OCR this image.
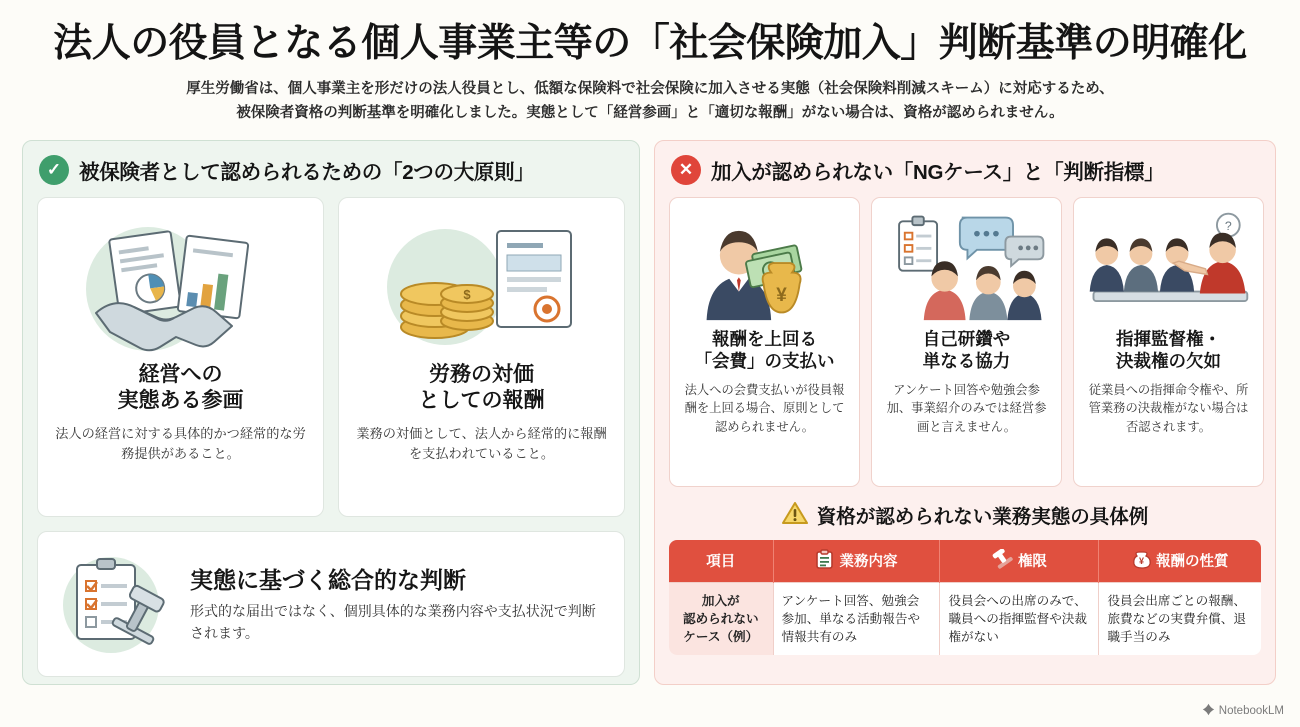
法人の役員となる個人事業主等の「社会保険加入」判断基準の明確化
厚生労働省は、個人事業主を形だけの法人役員とし、低額な保険料で社会保険に加入させる実態（社会保険料削減スキーム）に対応するため、
被保険者資格の判断基準を明確化しました。実態として「経営参画」と「適切な報酬」がない場合は、資格が認められません。
✓ 被保険者として認められるための「2つの大原則」
経営への
実態ある参画
法人の経営に対する具体的かつ経常的な労務提供があること。
$
労務の対価
としての報酬
業務の対価として、法人から経常的に報酬を支払われていること。
実態に基づく総合的な判断
形式的な届出ではなく、個別具体的な業務内容や支払状況で判断されます。
✕ 加入が認められない「NGケース」と「判断指標」
¥
報酬を上回る
「会費」の支払い
法人への会費支払いが役員報酬を上回る場合、原則として認められません。
自己研鑽や
単なる協力
アンケート回答や勉強会参加、事業紹介のみでは経営参画と言えません。
?
指揮監督権・
決裁権の欠如
従業員への指揮命令権や、所管業務の決裁権がない場合は否認されます。
資格が認められない業務実態の具体例
項目	業務内容	権限	¥ 報酬の性質

加入が
認められない
ケース（例）	アンケート回答、勉強会参加、単なる活動報告や情報共有のみ	役員会への出席のみで、職員への指揮監督や決裁権がない	役員会出席ごとの報酬、旅費などの実費弁償、退職手当のみ
NotebookLM
